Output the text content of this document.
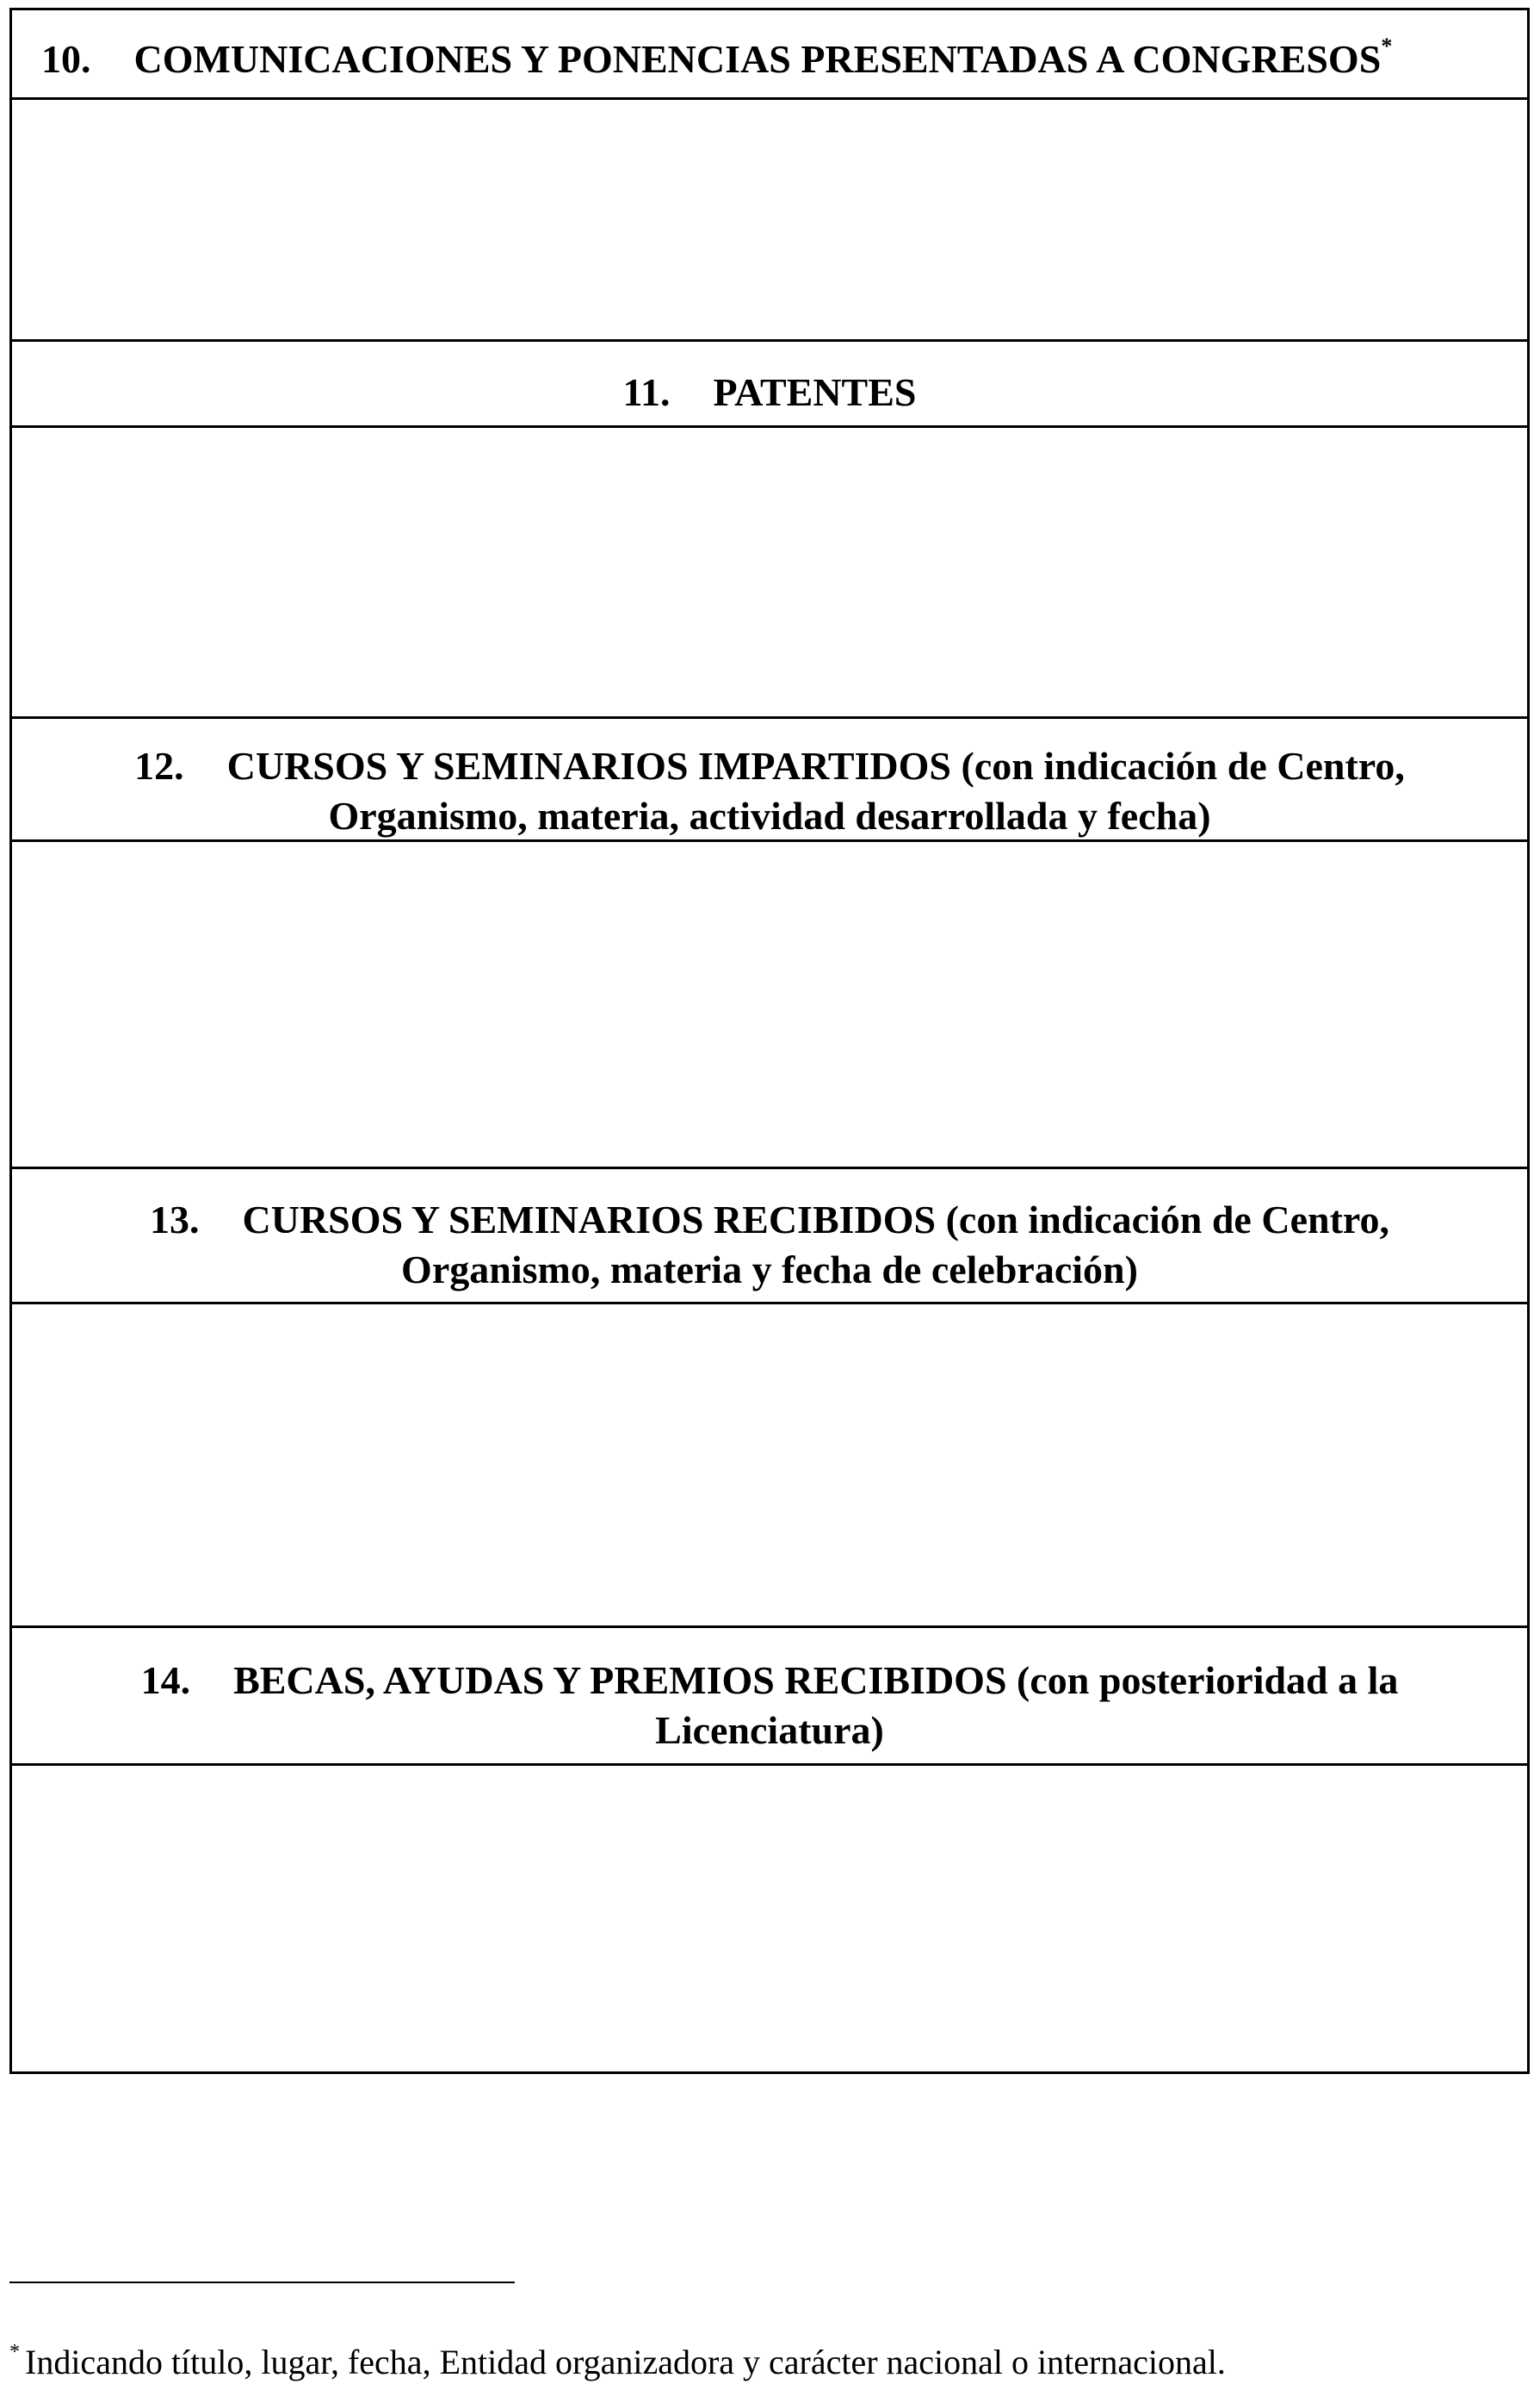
10. COMUNICACIONES Y PONENCIAS PRESENTADAS A CONGRESOS*
11. PATENTES
12. CURSOS Y SEMINARIOS IMPARTIDOS (con indicación de Centro,
Organismo, materia, actividad desarrollada y fecha)
13. CURSOS Y SEMINARIOS RECIBIDOS (con indicación de Centro,
Organismo, materia y fecha de celebración)
14. BECAS, AYUDAS Y PREMIOS RECIBIDOS (con posterioridad a la
Licenciatura)
* Indicando título, lugar, fecha, Entidad organizadora y carácter nacional o internacional.
